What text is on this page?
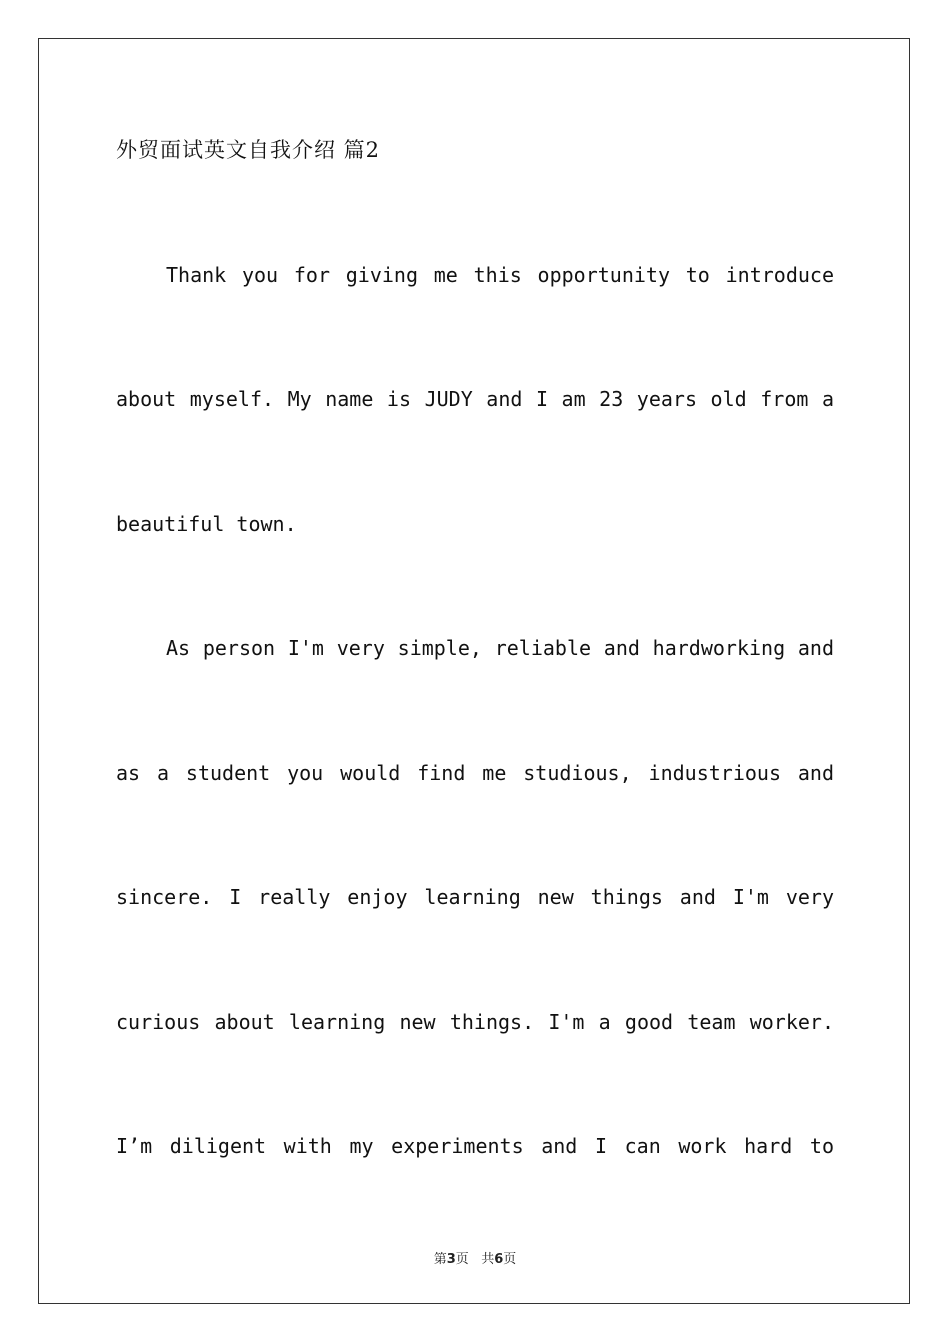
外贸面试英文自我介绍 篇2
Thank you for giving me this opportunity to introduce
about myself. My name is JUDY and I am 23 years old from a
beautiful town.
As person I'm very simple, reliable and hardworking and
as a student you would find me studious, industrious and
sincere. I really enjoy learning new things and I'm very
curious about learning new things. I'm a good team worker.
I’m diligent with my experiments and I can work hard to
第3页 共6页
